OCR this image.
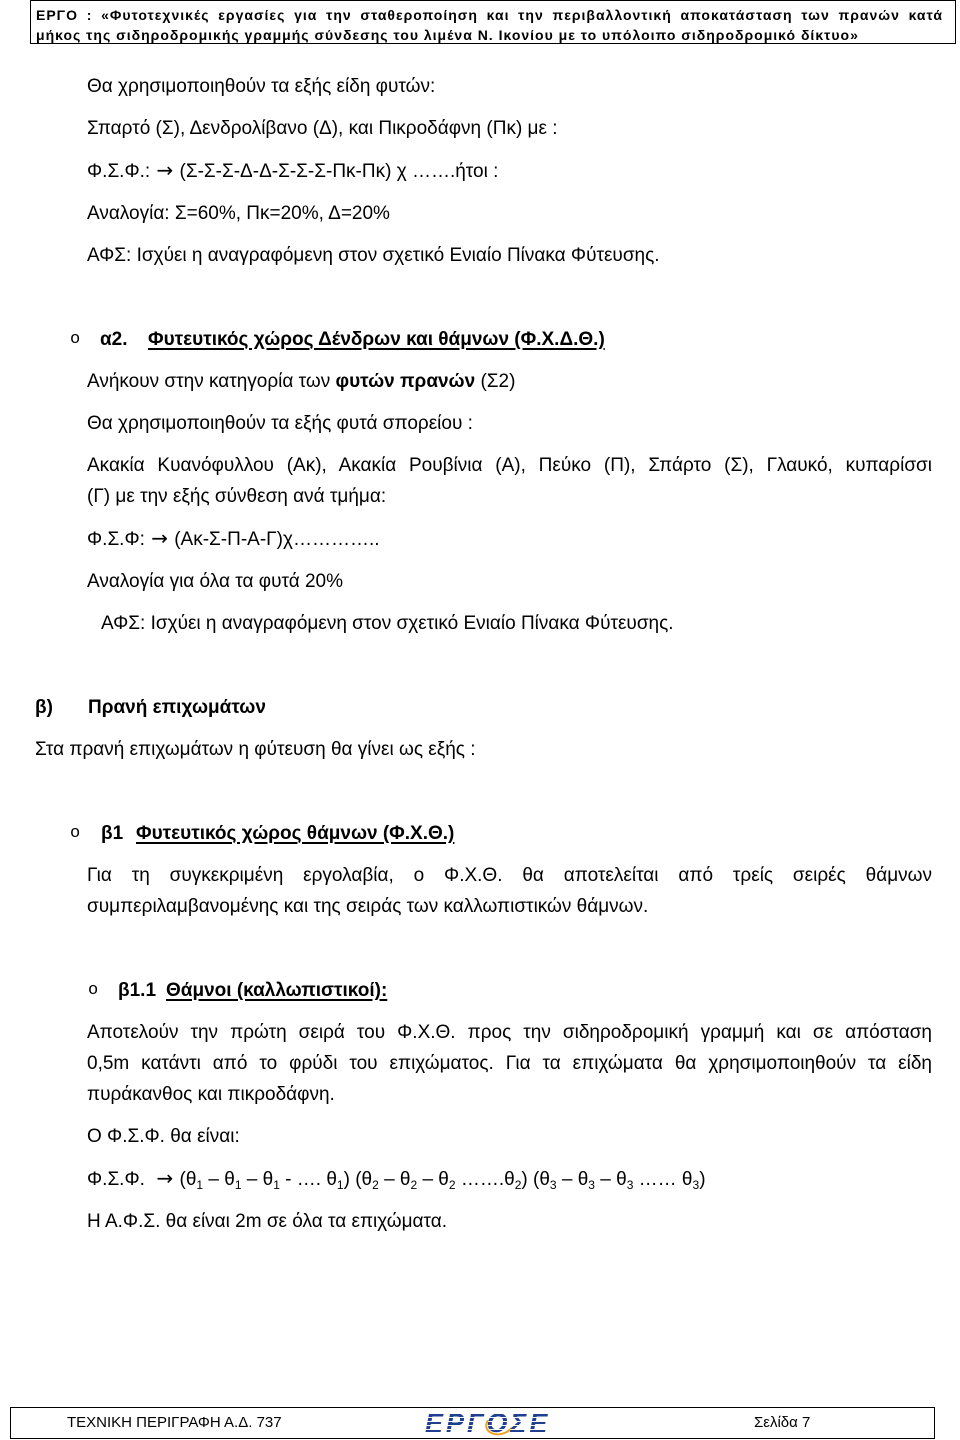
ΕΡΓΟ : «Φυτοτεχνικές εργασίες για την σταθεροποίηση και την περιβαλλοντική αποκατάσταση των πρανών κατά
μήκος της σιδηροδρομικής γραμμής σύνδεσης του λιμένα Ν. Ικονίου με το υπόλοιπο σιδηροδρομικό δίκτυο»

Θα χρησιμοποιηθούν τα εξής είδη φυτών:

Σπαρτό (Σ), Δενδρολίβανο (Δ), και Πικροδάφνη (Πκ) με :

Φ.Σ.Φ.: → (Σ-Σ-Σ-Δ-Δ-Σ-Σ-Σ-Πκ-Πκ) χ …….ήτοι :

Αναλογία: Σ=60%, Πκ=20%, Δ=20%

ΑΦΣ: Ισχύει η αναγραφόμενη στον σχετικό Ενιαίο Πίνακα Φύτευσης.

o α2. Φυτευτικός χώρος Δένδρων και θάμνων (Φ.Χ.Δ.Θ.)

Ανήκουν στην κατηγορία των φυτών πρανών (Σ2)

Θα χρησιμοποιηθούν τα εξής φυτά σπορείου :

Ακακία Κυανόφυλλου (Ακ), Ακακία Ρουβίνια (Α), Πεύκο (Π), Σπάρτο (Σ), Γλαυκό, κυπαρίσσι
(Γ) με την εξής σύνθεση ανά τμήμα:

Φ.Σ.Φ: → (Ακ-Σ-Π-Α-Γ)χ…………..

Αναλογία για όλα τα φυτά 20%

ΑΦΣ: Ισχύει η αναγραφόμενη στον σχετικό Ενιαίο Πίνακα Φύτευσης.

β) Πρανή επιχωμάτων

Στα πρανή επιχωμάτων η φύτευση θα γίνει ως εξής :

o β1 Φυτευτικός χώρος θάμνων (Φ.Χ.Θ.)
Για τη συγκεκριμένη εργολαβία, ο Φ.Χ.Θ. θα αποτελείται από τρείς σειρές θάμνων
συμπεριλαμβανομένης και της σειράς των καλλωπιστικών θάμνων.
o β1.1 Θάμνοι (καλλωπιστικοί):
Αποτελούν την πρώτη σειρά του Φ.Χ.Θ. προς την σιδηροδρομική γραμμή και σε απόσταση
0,5m κατάντι από το φρύδι του επιχώματος. Για τα επιχώματα θα χρησιμοποιηθούν τα είδη
πυράκανθος και πικροδάφνη.

Ο Φ.Σ.Φ. θα είναι:

Φ.Σ.Φ. → ($\theta_1 - \theta_1 - \theta_1$ - …. $\theta_1$) ($\theta_2 - \theta_2 - \theta_2$ $\dots\dots.\theta_2$) ($\theta_3 - \theta_3 - \theta_3$ …… $\theta_3$)

Η Α.Φ.Σ. θα είναι 2m σε όλα τα επιχώματα.

ΤΕΧΝΙΚΗ ΠΕΡΙΓΡΑΦΗ Α.Δ. 737	ΕΡΓΟΣΕ	Σελίδα 7
